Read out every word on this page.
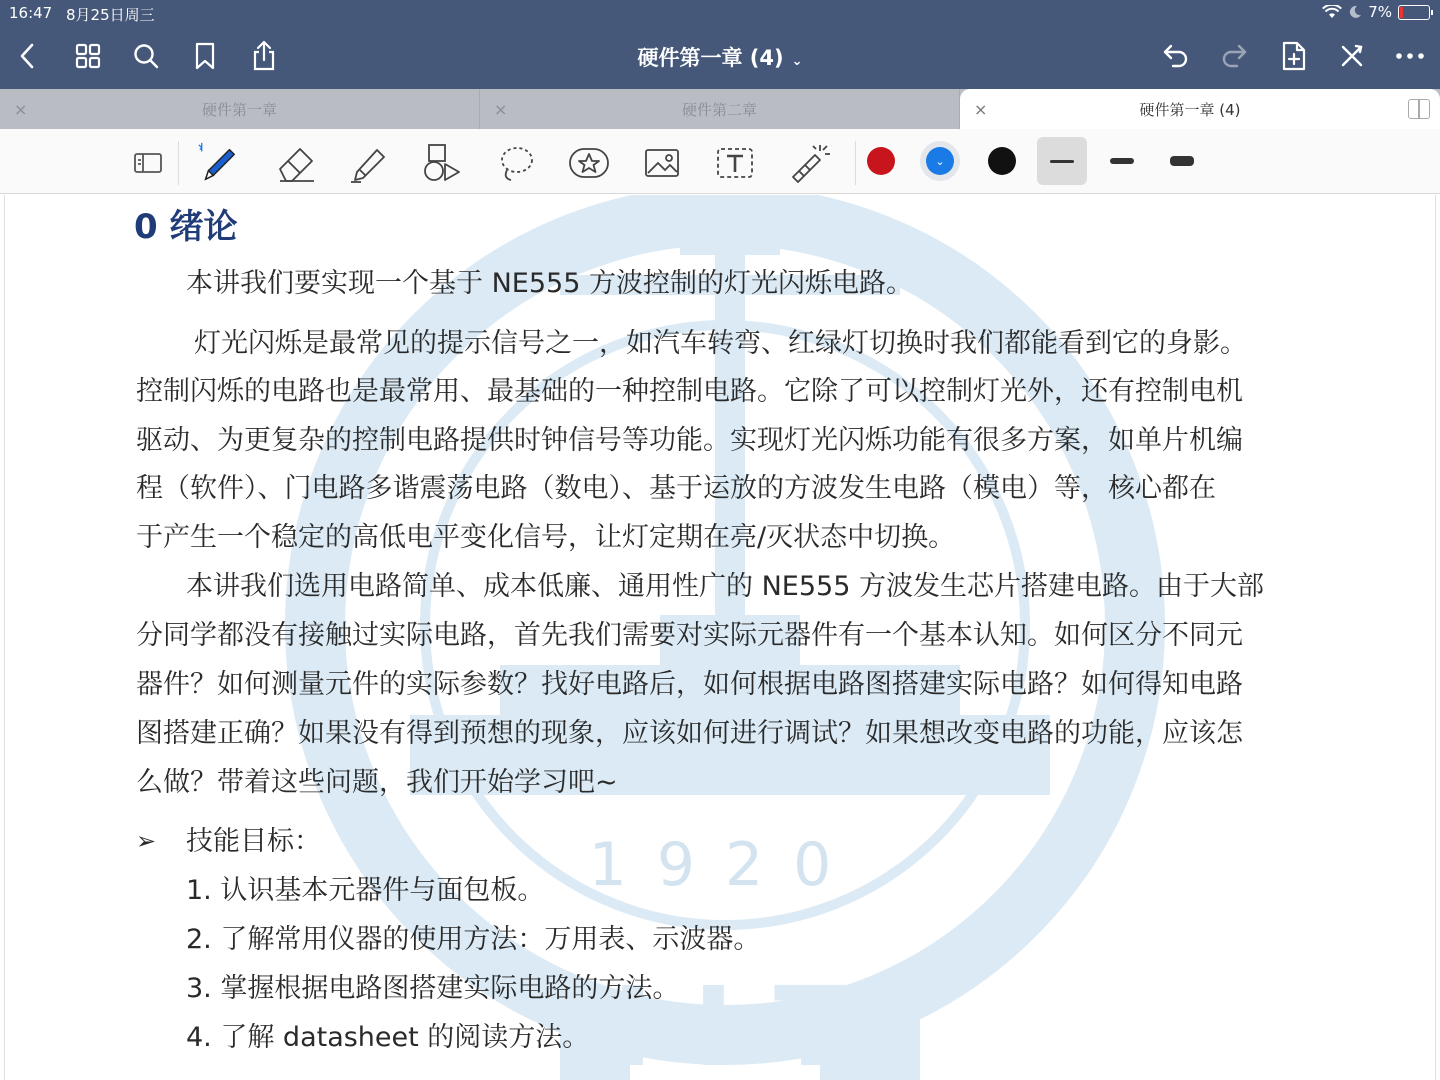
16:47 8月25日周三	7%
硬件第一章 (4) ⌄
×	硬件第一章	×	硬件第二章	×	硬件第一章 (4)
⌄
1920
HIT
0 绪论
本讲我们要实现一个基于 NE555 方波控制的灯光闪烁电路。
灯光闪烁是最常见的提示信号之一，如汽车转弯、红绿灯切换时我们都能看到它的身影。
控制闪烁的电路也是最常用、最基础的一种控制电路。它除了可以控制灯光外，还有控制电机
驱动、为更复杂的控制电路提供时钟信号等功能。实现灯光闪烁功能有很多方案，如单片机编
程（软件）、门电路多谐震荡电路（数电）、基于运放的方波发生电路（模电）等，核心都在
于产生一个稳定的高低电平变化信号，让灯定期在亮/灭状态中切换。
本讲我们选用电路简单、成本低廉、通用性广的 NE555 方波发生芯片搭建电路。由于大部
分同学都没有接触过实际电路，首先我们需要对实际元器件有一个基本认知。如何区分不同元
器件？如何测量元件的实际参数？找好电路后，如何根据电路图搭建实际电路？如何得知电路
图搭建正确？如果没有得到预想的现象，应该如何进行调试？如果想改变电路的功能，应该怎
么做？带着这些问题，我们开始学习吧~
➢ 技能目标：
1. 认识基本元器件与面包板。
2. 了解常用仪器的使用方法：万用表、示波器。
3. 掌握根据电路图搭建实际电路的方法。
4. 了解 datasheet 的阅读方法。
